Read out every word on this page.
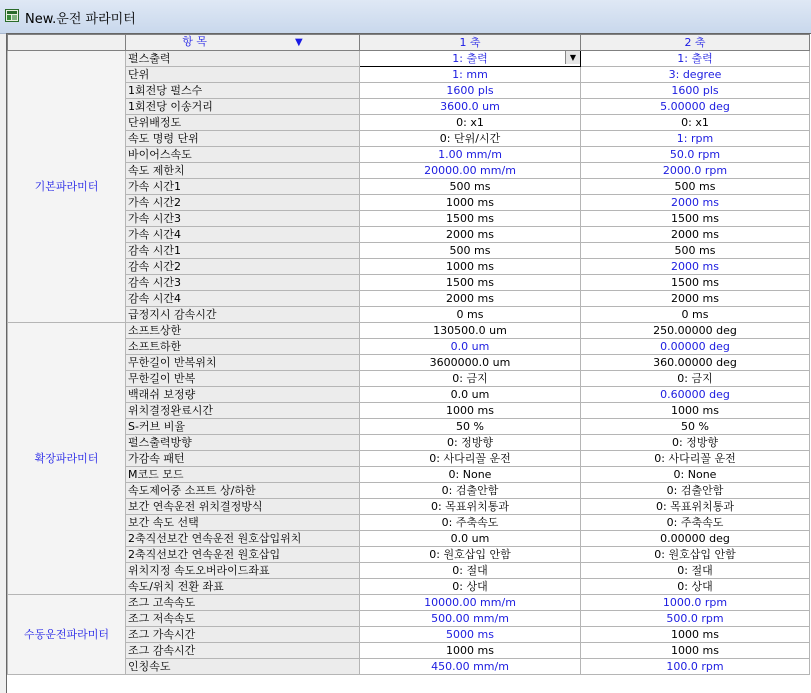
New.운전 파라미터
	항 목 ▼	1 축	2 축
기본파라미터	펄스출력	1: 출력 ▼	1: 출력
	단위	1: mm	3: degree
	1회전당 펄스수	1600 pls	1600 pls
	1회전당 이송거리	3600.0 um	5.00000 deg
	단위배정도	0: x1	0: x1
	속도 명령 단위	0: 단위/시간	1: rpm
	바이어스속도	1.00 mm/m	50.0 rpm
	속도 제한치	20000.00 mm/m	2000.0 rpm
	가속 시간1	500 ms	500 ms
	가속 시간2	1000 ms	2000 ms
	가속 시간3	1500 ms	1500 ms
	가속 시간4	2000 ms	2000 ms
	감속 시간1	500 ms	500 ms
	감속 시간2	1000 ms	2000 ms
	감속 시간3	1500 ms	1500 ms
	감속 시간4	2000 ms	2000 ms
	급정지시 감속시간	0 ms	0 ms
확장파라미터	소프트상한	130500.0 um	250.00000 deg
	소프트하한	0.0 um	0.00000 deg
	무한길이 반복위치	3600000.0 um	360.00000 deg
	무한길이 반복	0: 금지	0: 금지
	백래쉬 보정량	0.0 um	0.60000 deg
	위치결정완료시간	1000 ms	1000 ms
	S-커브 비율	50 %	50 %
	펄스출력방향	0: 정방향	0: 정방향
	가감속 패턴	0: 사다리꼴 운전	0: 사다리꼴 운전
	M코드 모드	0: None	0: None
	속도제어중 소프트 상/하한	0: 검출안함	0: 검출안함
	보간 연속운전 위치결정방식	0: 목표위치통과	0: 목표위치통과
	보간 속도 선택	0: 주축속도	0: 주축속도
	2축직선보간 연속운전 원호삽입위치	0.0 um	0.00000 deg
	2축직선보간 연속운전 원호삽입	0: 원호삽입 안함	0: 원호삽입 안함
	위치지정 속도오버라이드좌표	0: 절대	0: 절대
	속도/위치 전환 좌표	0: 상대	0: 상대
수동운전파라미터	조그 고속속도	10000.00 mm/m	1000.0 rpm
	조그 저속속도	500.00 mm/m	500.0 rpm
	조그 가속시간	5000 ms	1000 ms
	조그 감속시간	1000 ms	1000 ms
	인칭속도	450.00 mm/m	100.0 rpm
